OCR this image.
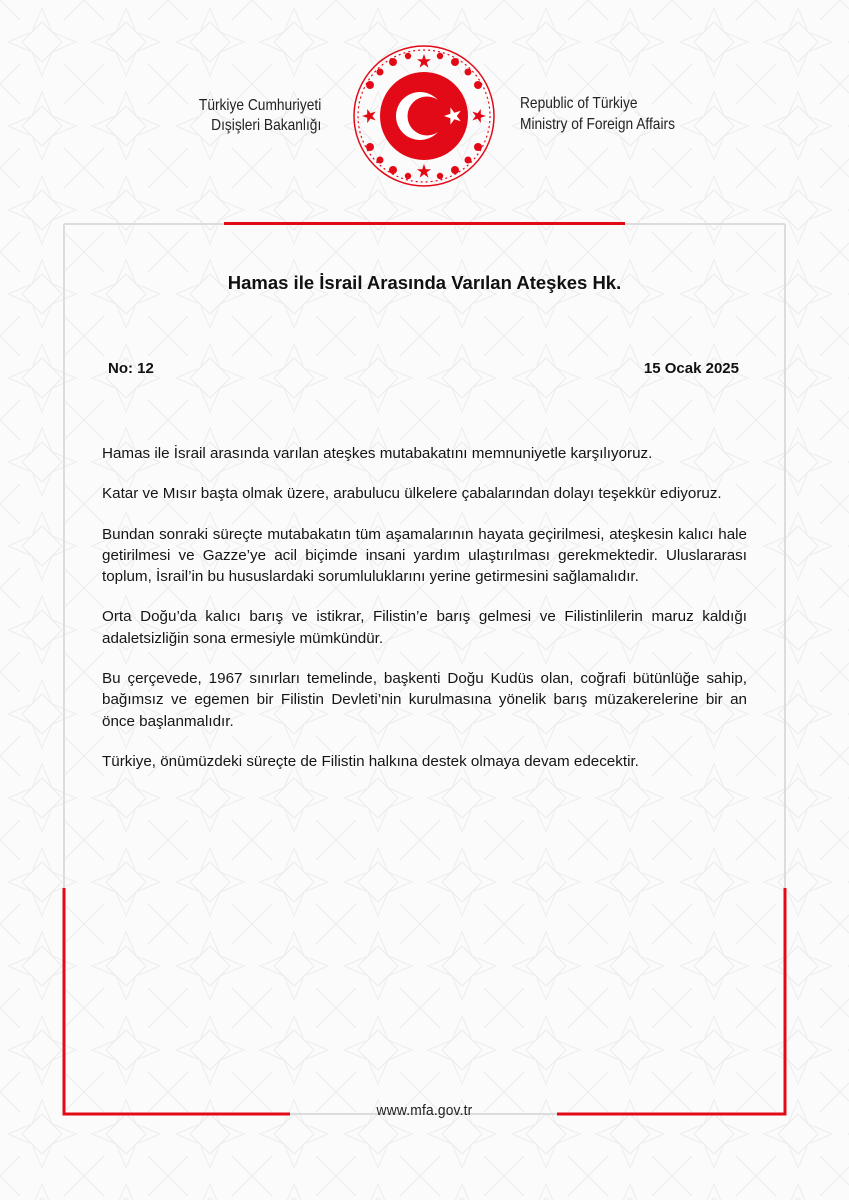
Türkiye Cumhuriyeti
Dışişleri Bakanlığı
Republic of Türkiye
Ministry of Foreign Affairs
Hamas ile İsrail Arasında Varılan Ateşkes Hk.
No: 12	15 Ocak 2025

Hamas ile İsrail arasında varılan ateşkes mutabakatını memnuniyetle karşılıyoruz.

Katar ve Mısır başta olmak üzere, arabulucu ülkelere çabalarından dolayı teşekkür ediyoruz.

Bundan sonraki süreçte mutabakatın tüm aşamalarının hayata geçirilmesi, ateşkesin kalıcı hale getirilmesi ve Gazze’ye acil biçimde insani yardım ulaştırılması gerekmektedir. Uluslararası toplum, İsrail’in bu hususlardaki sorumluluklarını yerine getirmesini sağlamalıdır.

Orta Doğu’da kalıcı barış ve istikrar, Filistin’e barış gelmesi ve Filistinlilerin maruz kaldığı adaletsizliğin sona ermesiyle mümkündür.

Bu çerçevede, 1967 sınırları temelinde, başkenti Doğu Kudüs olan, coğrafi bütünlüğe sahip, bağımsız ve egemen bir Filistin Devleti’nin kurulmasına yönelik barış müzakerelerine bir an önce başlanmalıdır.

Türkiye, önümüzdeki süreçte de Filistin halkına destek olmaya devam edecektir.

www.mfa.gov.tr
